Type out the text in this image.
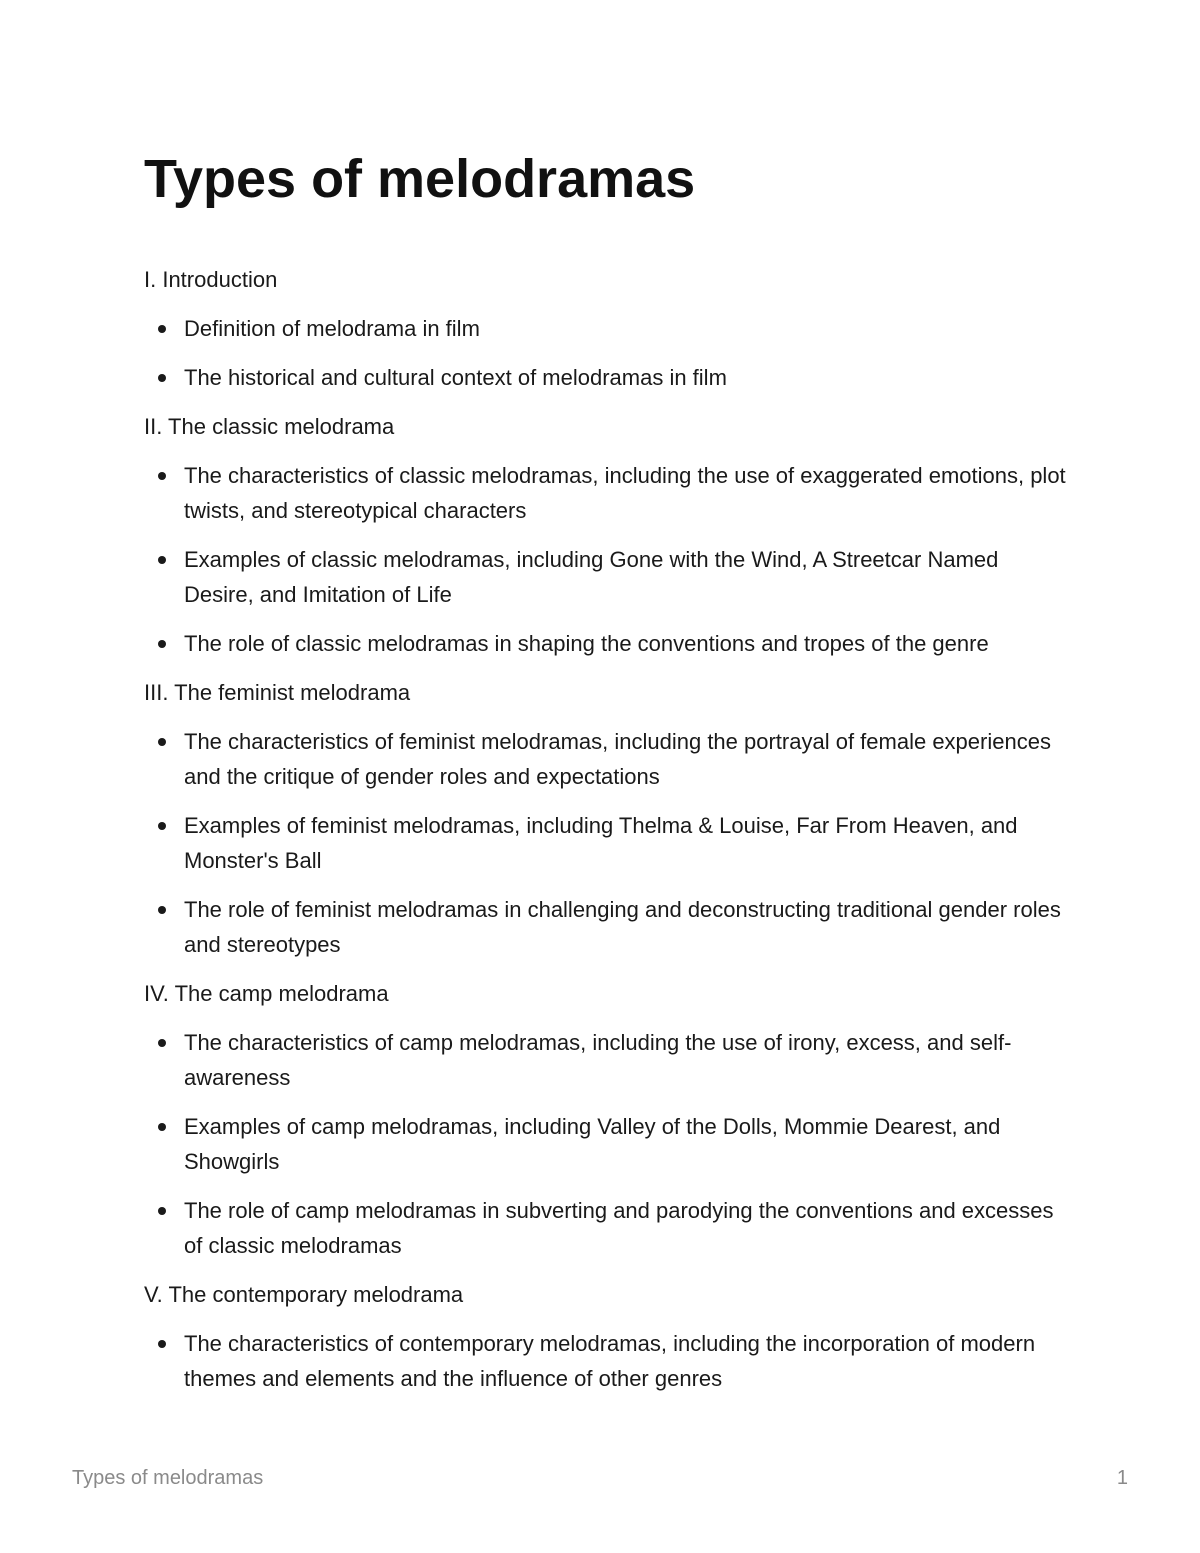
Types of melodramas
I. Introduction
Definition of melodrama in film
The historical and cultural context of melodramas in film
II. The classic melodrama
The characteristics of classic melodramas, including the use of exaggerated emotions, plot twists, and stereotypical characters
Examples of classic melodramas, including Gone with the Wind, A Streetcar Named Desire, and Imitation of Life
The role of classic melodramas in shaping the conventions and tropes of the genre
III. The feminist melodrama
The characteristics of feminist melodramas, including the portrayal of female experiences and the critique of gender roles and expectations
Examples of feminist melodramas, including Thelma & Louise, Far From Heaven, and Monster's Ball
The role of feminist melodramas in challenging and deconstructing traditional gender roles and stereotypes
IV. The camp melodrama
The characteristics of camp melodramas, including the use of irony, excess, and self-awareness
Examples of camp melodramas, including Valley of the Dolls, Mommie Dearest, and Showgirls
The role of camp melodramas in subverting and parodying the conventions and excesses of classic melodramas
V. The contemporary melodrama
The characteristics of contemporary melodramas, including the incorporation of modern themes and elements and the influence of other genres
Types of melodramas	1
